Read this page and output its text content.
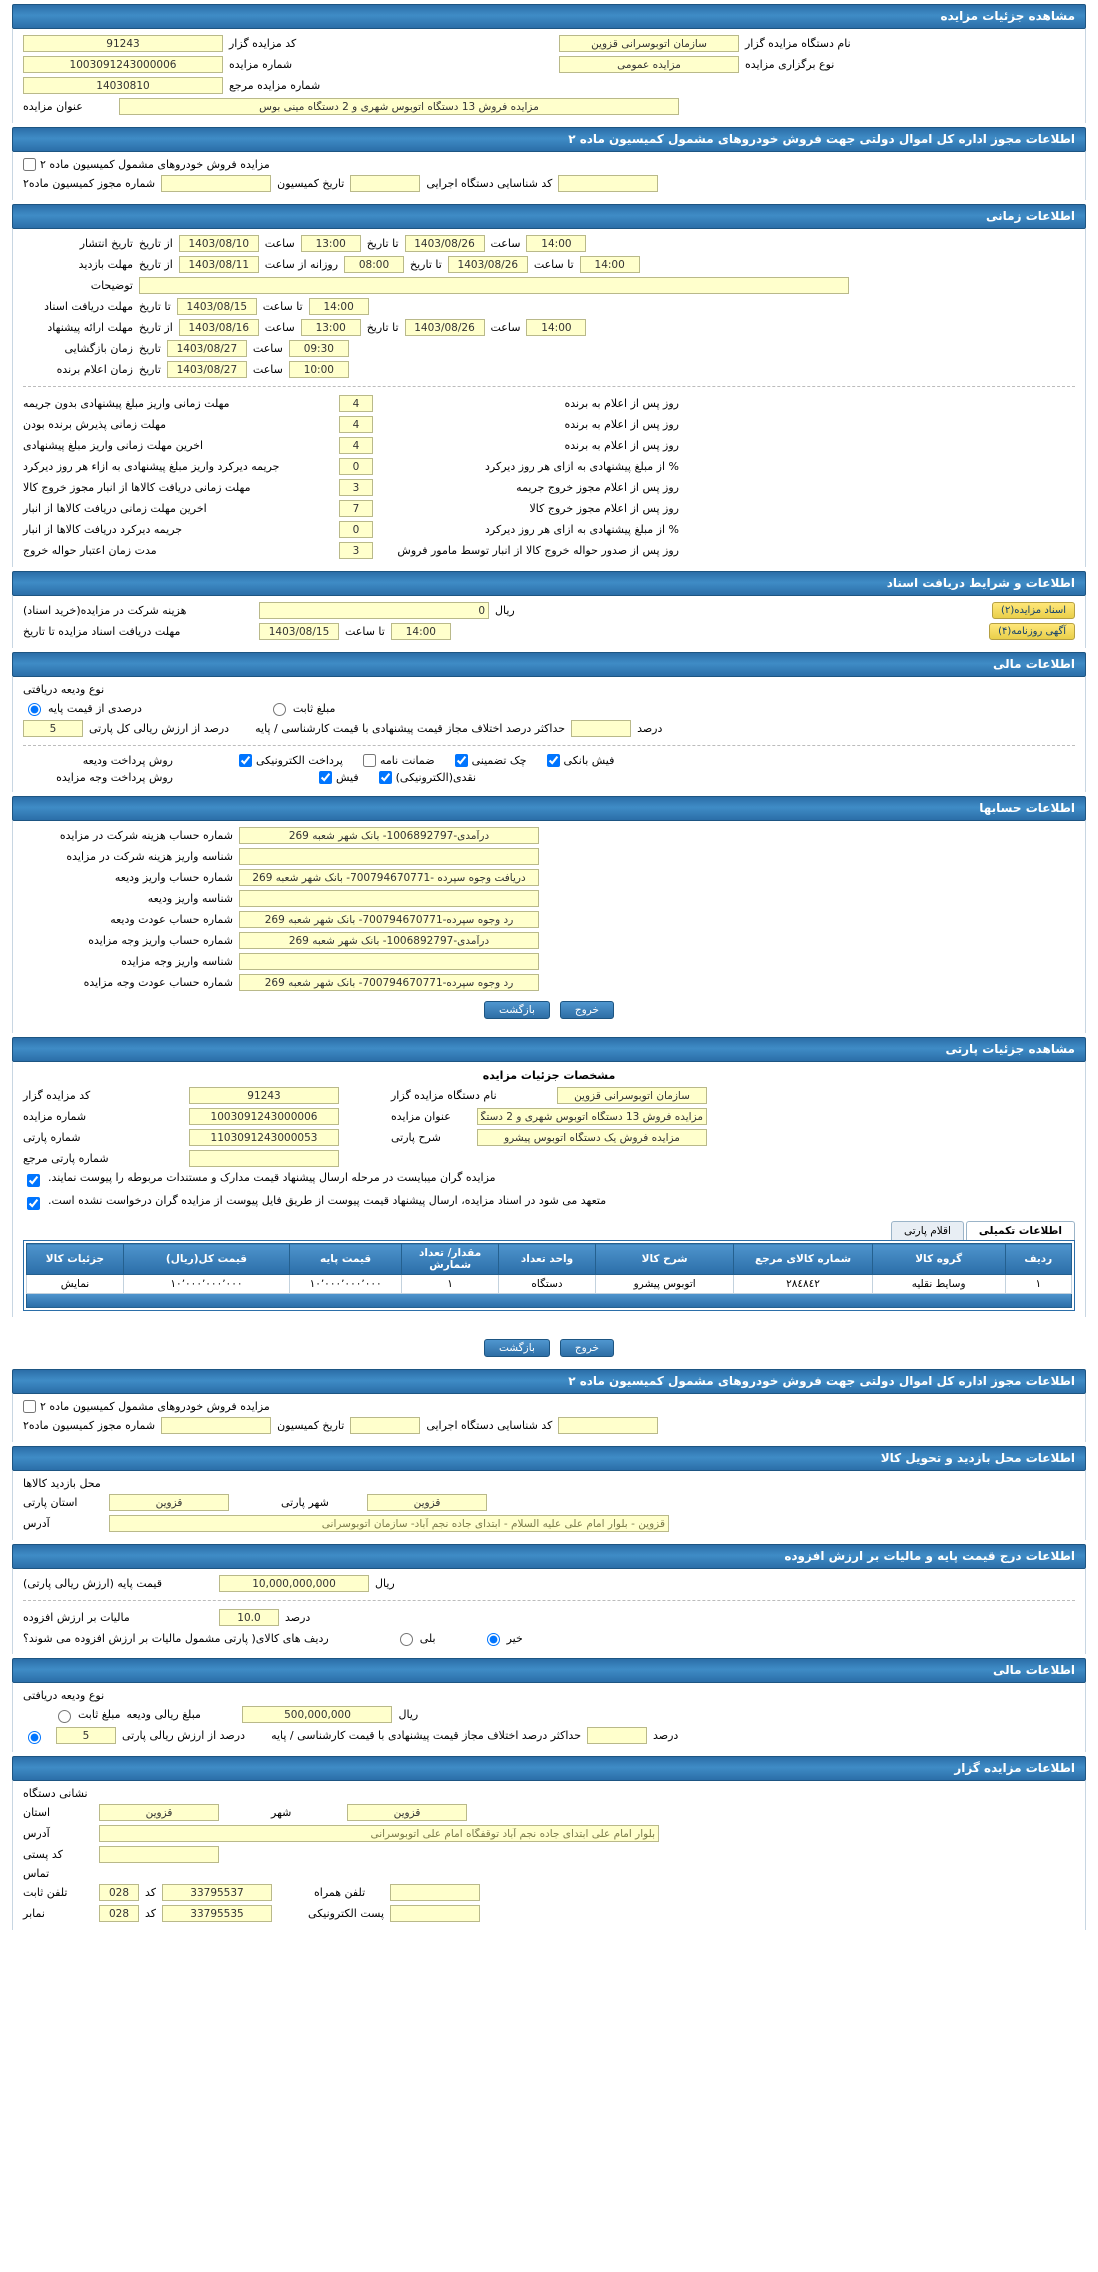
مشاهده جزئیات مزایده
نام دستگاه مزایده گزار
سازمان اتوبوسرانی قزوین
کد مزایده گزار
91243
نوع برگزاری مزایده
مزایده عمومی
شماره مزایده
1003091243000006
شماره مزایده مرجع
14030810
مزایده فروش 13 دستگاه اتوبوس شهری و 2 دستگاه مینی بوس
عنوان مزایده
اطلاعات مجوز اداره کل اموال دولتی جهت فروش خودروهای مشمول کمیسیون ماده ۲
مزایده فروش خودروهای مشمول کمیسیون ماده ۲
کد شناسایی دستگاه اجرایی
تاریخ کمیسیون
شماره مجوز کمیسیون ماده۲
اطلاعات زمانی
14:00
ساعت
1403/08/26
تا تاریخ
13:00
ساعت
1403/08/10
از تاریخ
تاریخ انتشار
14:00
تا ساعت
1403/08/26
تا تاریخ
08:00
روزانه از ساعت
1403/08/11
از تاریخ
مهلت بازدید
توضیحات
14:00
تا ساعت
1403/08/15
تا تاریخ
مهلت دریافت اسناد
14:00
ساعت
1403/08/26
تا تاریخ
13:00
ساعت
1403/08/16
از تاریخ
مهلت ارائه پیشنهاد
09:30
ساعت
1403/08/27
تاریخ
زمان بازگشایی
10:00
ساعت
1403/08/27
تاریخ
زمان اعلام برنده
روز پس از اعلام به برنده
4
مهلت زمانی واریز مبلغ پیشنهادی بدون جریمه
روز پس از اعلام به برنده
4
مهلت زمانی پذیرش برنده بودن
روز پس از اعلام به برنده
4
اخرین مهلت زمانی واریز مبلغ پیشنهادی
% از مبلغ پیشنهادی به ازای هر روز دیرکرد
0
جریمه دیرکرد واریز مبلغ پیشنهادی به ازاء هر روز دیرکرد
روز پس از اعلام مجوز خروج جریمه
3
مهلت زمانی دریافت کالاها از انبار مجوز خروج کالا
روز پس از اعلام مجوز خروج کالا
7
اخرین مهلت زمانی دریافت کالاها از انبار
% از مبلغ پیشنهادی به ازای هر روز دیرکرد
0
جریمه دیرکرد دریافت کالاها از انبار
روز پس از صدور حواله خروج کالا از انبار توسط مامور فروش
3
مدت زمان اعتبار حواله خروج
اطلاعات و شرایط دریافت اسناد
اسناد مزایده(۲)
ریال
0
هزینه شرکت در مزایده(خرید اسناد)
آگهی روزنامه(۴)
14:00
تا ساعت
1403/08/15
مهلت دریافت اسناد مزایده تا تاریخ
اطلاعات مالی
نوع ودیعه دریافتی
مبلغ ثابت
درصدی از قیمت پایه
درصد
حداکثر درصد اختلاف مجاز قیمت پیشنهادی با قیمت کارشناسی / پایه
درصد از ارزش ریالی کل پارتی
5
فیش بانکی
چک تضمینی
ضمانت نامه
پرداخت الکترونیکی
روش پرداخت ودیعه
نقدی(الکترونیکی)
فیش
روش پرداخت وجه مزایده
اطلاعات حسابها
درآمدی-1006892797- بانک شهر شعبه 269
شماره حساب هزینه شرکت در مزایده
شناسه واریز هزینه شرکت در مزایده
دریافت وجوه سپرده -700794670771- بانک شهر شعبه 269
شماره حساب واریز ودیعه
شناسه واریز ودیعه
رد وجوه سپرده-700794670771- بانک شهر شعبه 269
شماره حساب عودت ودیعه
درآمدی-1006892797- بانک شهر شعبه 269
شماره حساب واریز وجه مزایده
شناسه واریز وجه مزایده
رد وجوه سپرده-700794670771- بانک شهر شعبه 269
شماره حساب عودت وجه مزایده
خروج
بازگشت
مشاهده جزئیات پارتی
مشخصات جزئیات مزایده
سازمان اتوبوسرانی قزوین
نام دستگاه مزایده گزار
91243
کد مزایده گزار
مزایده فروش 13 دستگاه اتوبوس شهری و 2 دستگاه مینی بوس
عنوان مزایده
1003091243000006
شماره مزایده
مزایده فروش یک دستگاه اتوبوس پیشرو
شرح پارتی
1103091243000053
شماره پارتی
شماره پارتی مرجع
مزایده گران میبایست در مرحله ارسال پیشنهاد قیمت مدارک و مستندات مربوطه را پیوست نمایند.
متعهد می شود در اسناد مزایده، ارسال پیشنهاد قیمت پیوست از طریق فایل پیوست از مزایده گران درخواست نشده است.
اطلاعات تکمیلی
اقلام پارتی
ردیف	گروه کالا	شماره کالای مرجع	شرح کالا	واحد تعداد	مقدار/ تعداد شمارش	قیمت پایه	قیمت کل(ریال)	جزئیات کالا
۱	وسایط نقلیه	۲۸٤٨٤٢	اتوبوس پیشرو	دستگاه	۱	۱۰٬۰۰۰٬۰۰۰٬۰۰۰	۱۰٬۰۰۰٬۰۰۰٬۰۰۰	نمایش
خروج
بازگشت
اطلاعات مجوز اداره کل اموال دولتی جهت فروش خودروهای مشمول کمیسیون ماده ۲
مزایده فروش خودروهای مشمول کمیسیون ماده ۲
کد شناسایی دستگاه اجرایی
تاریخ کمیسیون
شماره مجوز کمیسیون ماده۲
اطلاعات محل بازدید و تحویل کالا
محل بازدید کالاها
قزوین
شهر پارتی
قزوین
استان پارتی
قزوین - بلوار امام علی علیه السلام - ابتدای جاده نجم آباد- سازمان اتوبوسرانی
آدرس
اطلاعات درج قیمت پایه و مالیات بر ارزش افزوده
ریال
10,000,000,000
قیمت پایه (ارزش ریالی پارتی)
درصد
10.0
مالیات بر ارزش افزوده
خیر
بلی
ردیف های کالای( پارتی مشمول مالیات بر ارزش افزوده می شوند؟
اطلاعات مالی
نوع ودیعه دریافتی
ریال
500,000,000
مبلغ ریالی ودیعه
مبلغ ثابت
درصد
حداکثر درصد اختلاف مجاز قیمت پیشنهادی با قیمت کارشناسی / پایه
درصد از ارزش ریالی پارتی
5
اطلاعات مزایده گزار
نشانی دستگاه
قزوین
شهر
قزوین
استان
بلوار امام علی ابتدای جاده نجم آباد توقفگاه امام علی اتوبوسرانی
آدرس
کد پستی
تماس
تلفن همراه
33795537
کد
028
تلفن ثابت
پست الکترونیکی
33795535
کد
028
نمابر
